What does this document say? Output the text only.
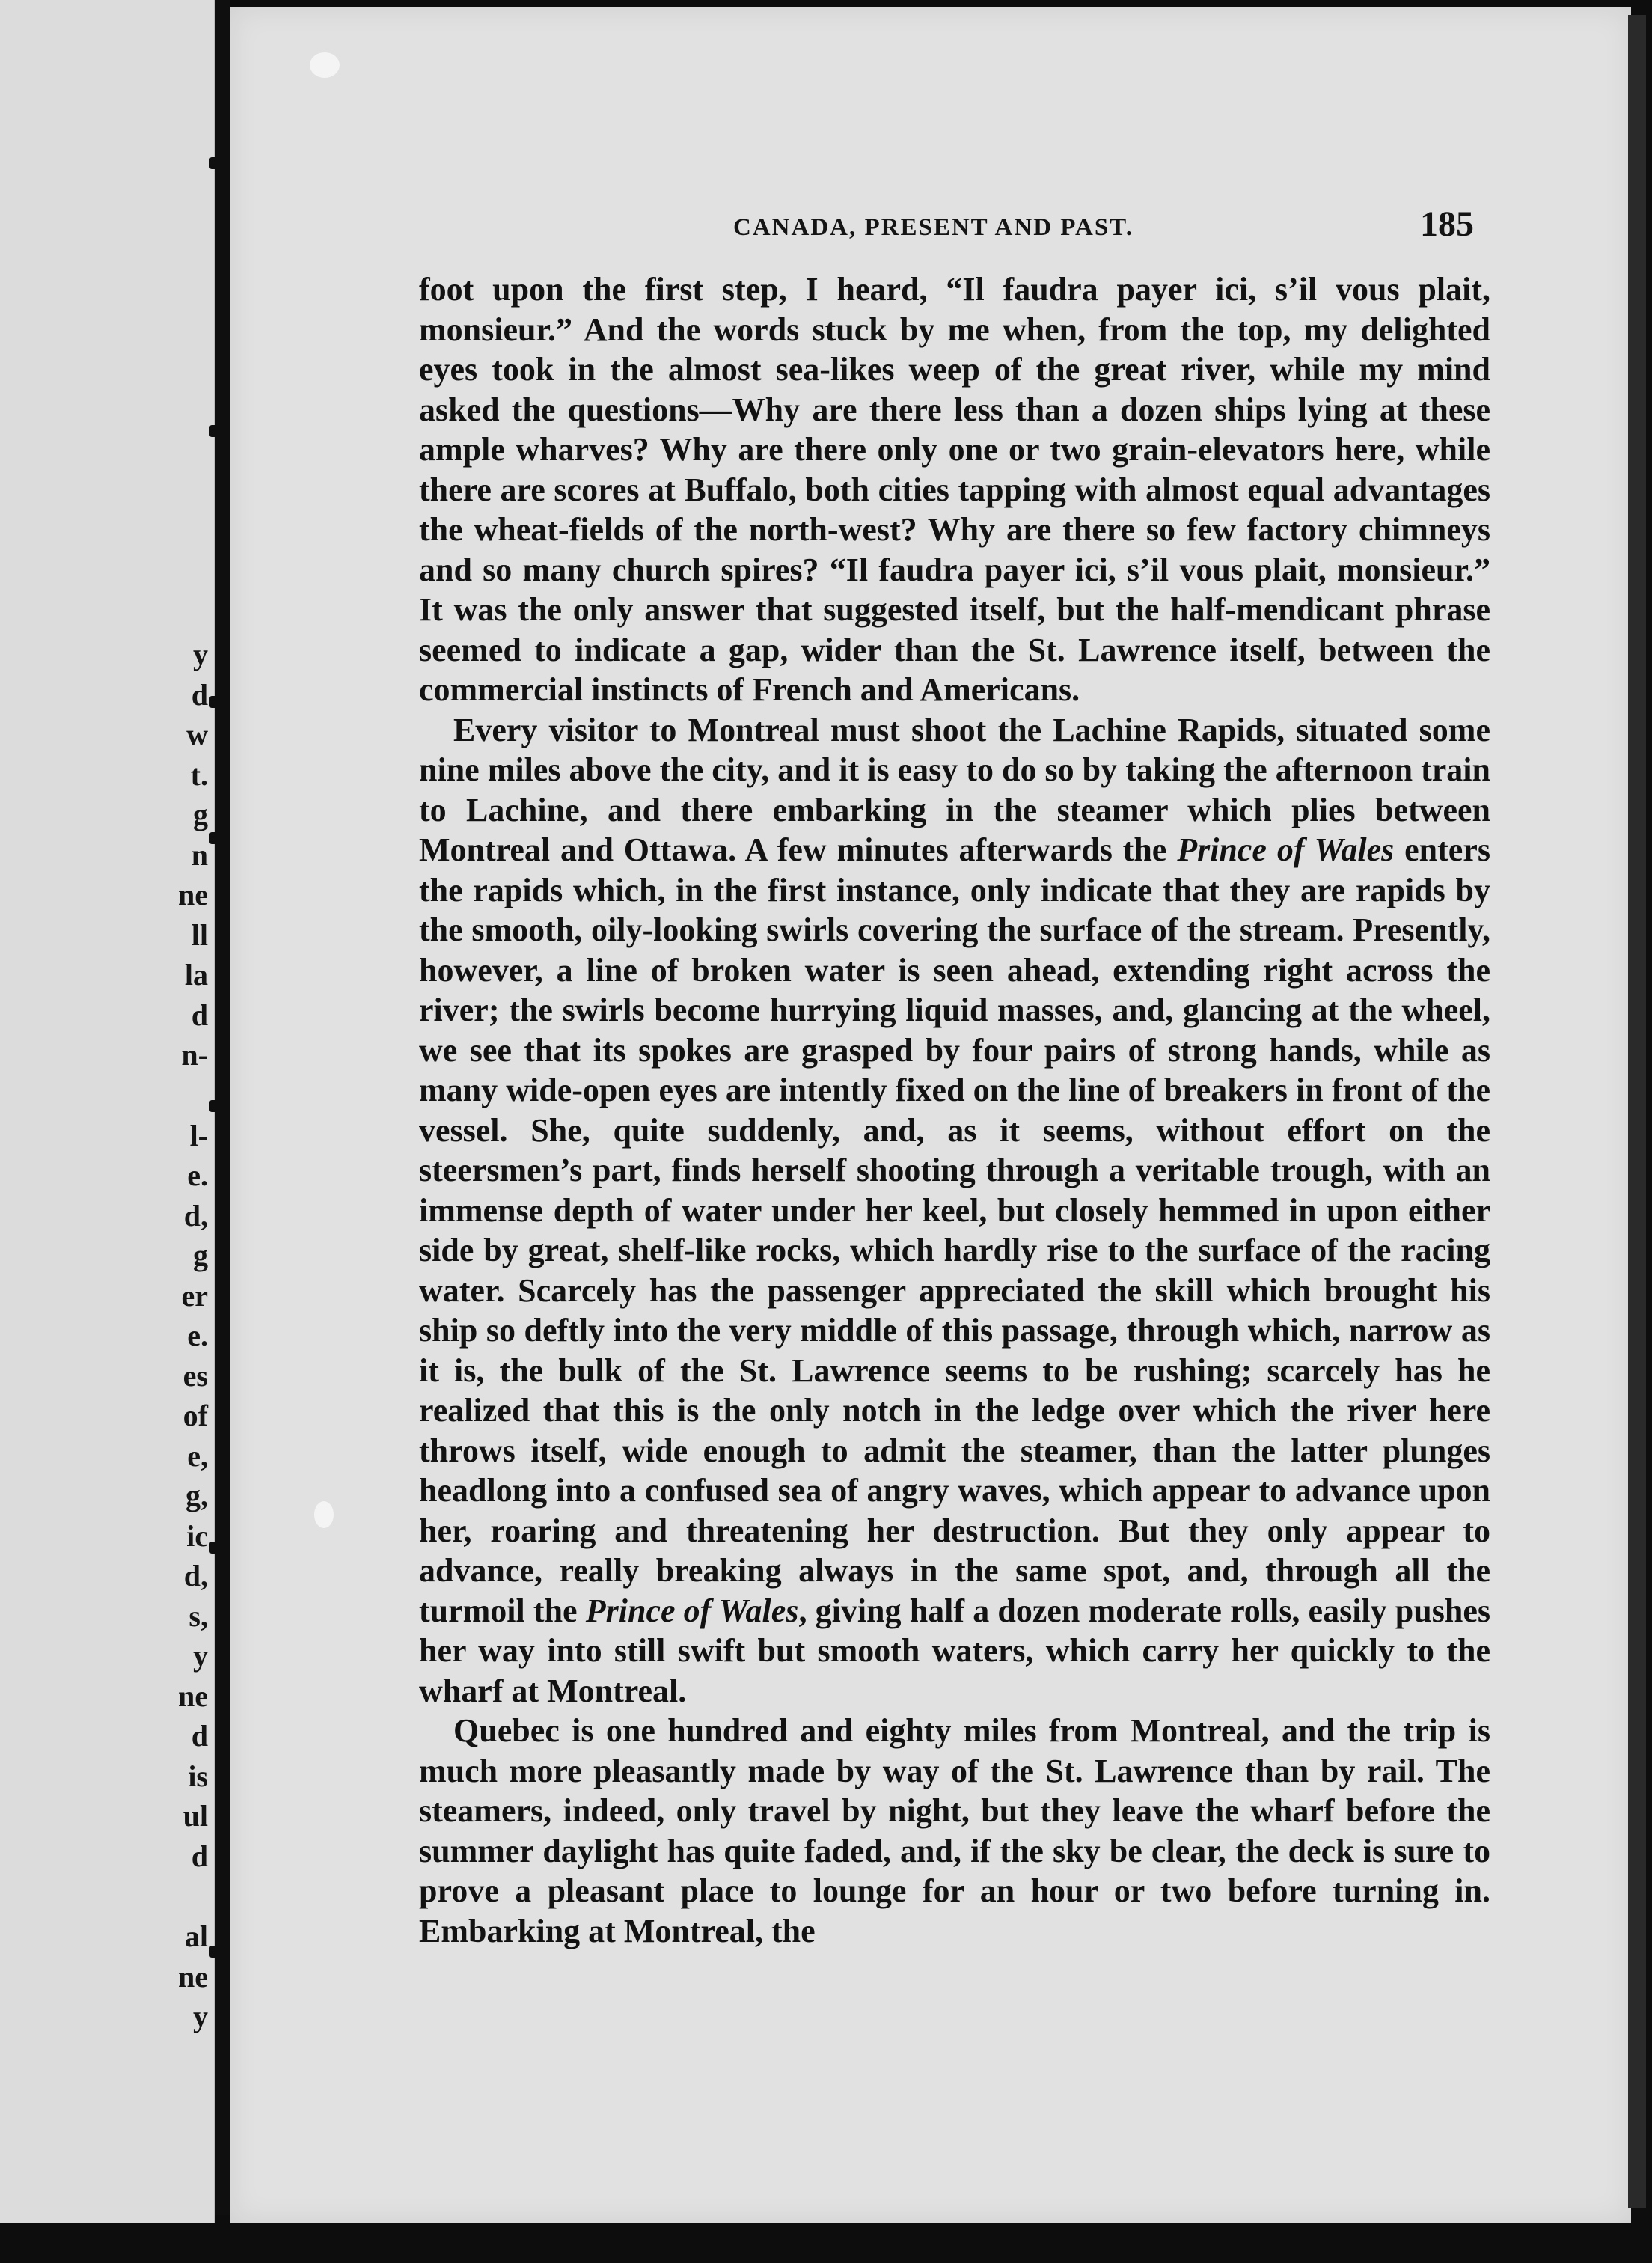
y
d
w
t.
g
n
ne
ll
la
d
n-
l-
e.
d,
g
er
e.
es
of
e,
g,
ic
d,
s,
y
ne
d
is
ul
d
al
ne
y
CANADA, PRESENT AND PAST.	185

foot upon the first step, I heard, “Il faudra payer ici, s’il vous plait, monsieur.” And the words stuck by me when, from the top, my delighted eyes took in the almost sea-likes weep of the great river, while my mind asked the questions—Why are there less than a dozen ships lying at these ample wharves? Why are there only one or two grain-elevators here, while there are scores at Buffalo, both cities tapping with almost equal advantages the wheat-fields of the north-west? Why are there so few factory chimneys and so many church spires? “Il faudra payer ici, s’il vous plait, monsieur.” It was the only answer that suggested itself, but the half-mendicant phrase seemed to indicate a gap, wider than the St. Lawrence itself, between the commercial instincts of French and Americans.

Every visitor to Montreal must shoot the Lachine Rapids, situated some nine miles above the city, and it is easy to do so by taking the afternoon train to Lachine, and there embarking in the steamer which plies between Montreal and Ottawa. A few minutes afterwards the Prince of Wales enters the rapids which, in the first instance, only indicate that they are rapids by the smooth, oily-looking swirls covering the surface of the stream. Presently, however, a line of broken water is seen ahead, extending right across the river; the swirls become hurrying liquid masses, and, glancing at the wheel, we see that its spokes are grasped by four pairs of strong hands, while as many wide-open eyes are intently fixed on the line of breakers in front of the vessel. She, quite suddenly, and, as it seems, without effort on the steersmen’s part, finds herself shooting through a veritable trough, with an immense depth of water under her keel, but closely hemmed in upon either side by great, shelf-like rocks, which hardly rise to the surface of the racing water. Scarcely has the passenger appreciated the skill which brought his ship so deftly into the very middle of this passage, through which, narrow as it is, the bulk of the St. Lawrence seems to be rushing; scarcely has he realized that this is the only notch in the ledge over which the river here throws itself, wide enough to admit the steamer, than the latter plunges headlong into a confused sea of angry waves, which appear to advance upon her, roaring and threatening her destruction. But they only appear to advance, really breaking always in the same spot, and, through all the turmoil the Prince of Wales, giving half a dozen moderate rolls, easily pushes her way into still swift but smooth waters, which carry her quickly to the wharf at Montreal.

Quebec is one hundred and eighty miles from Montreal, and the trip is much more pleasantly made by way of the St. Lawrence than by rail. The steamers, indeed, only travel by night, but they leave the wharf before the summer daylight has quite faded, and, if the sky be clear, the deck is sure to prove a pleasant place to lounge for an hour or two before turning in. Embarking at Montreal, the
